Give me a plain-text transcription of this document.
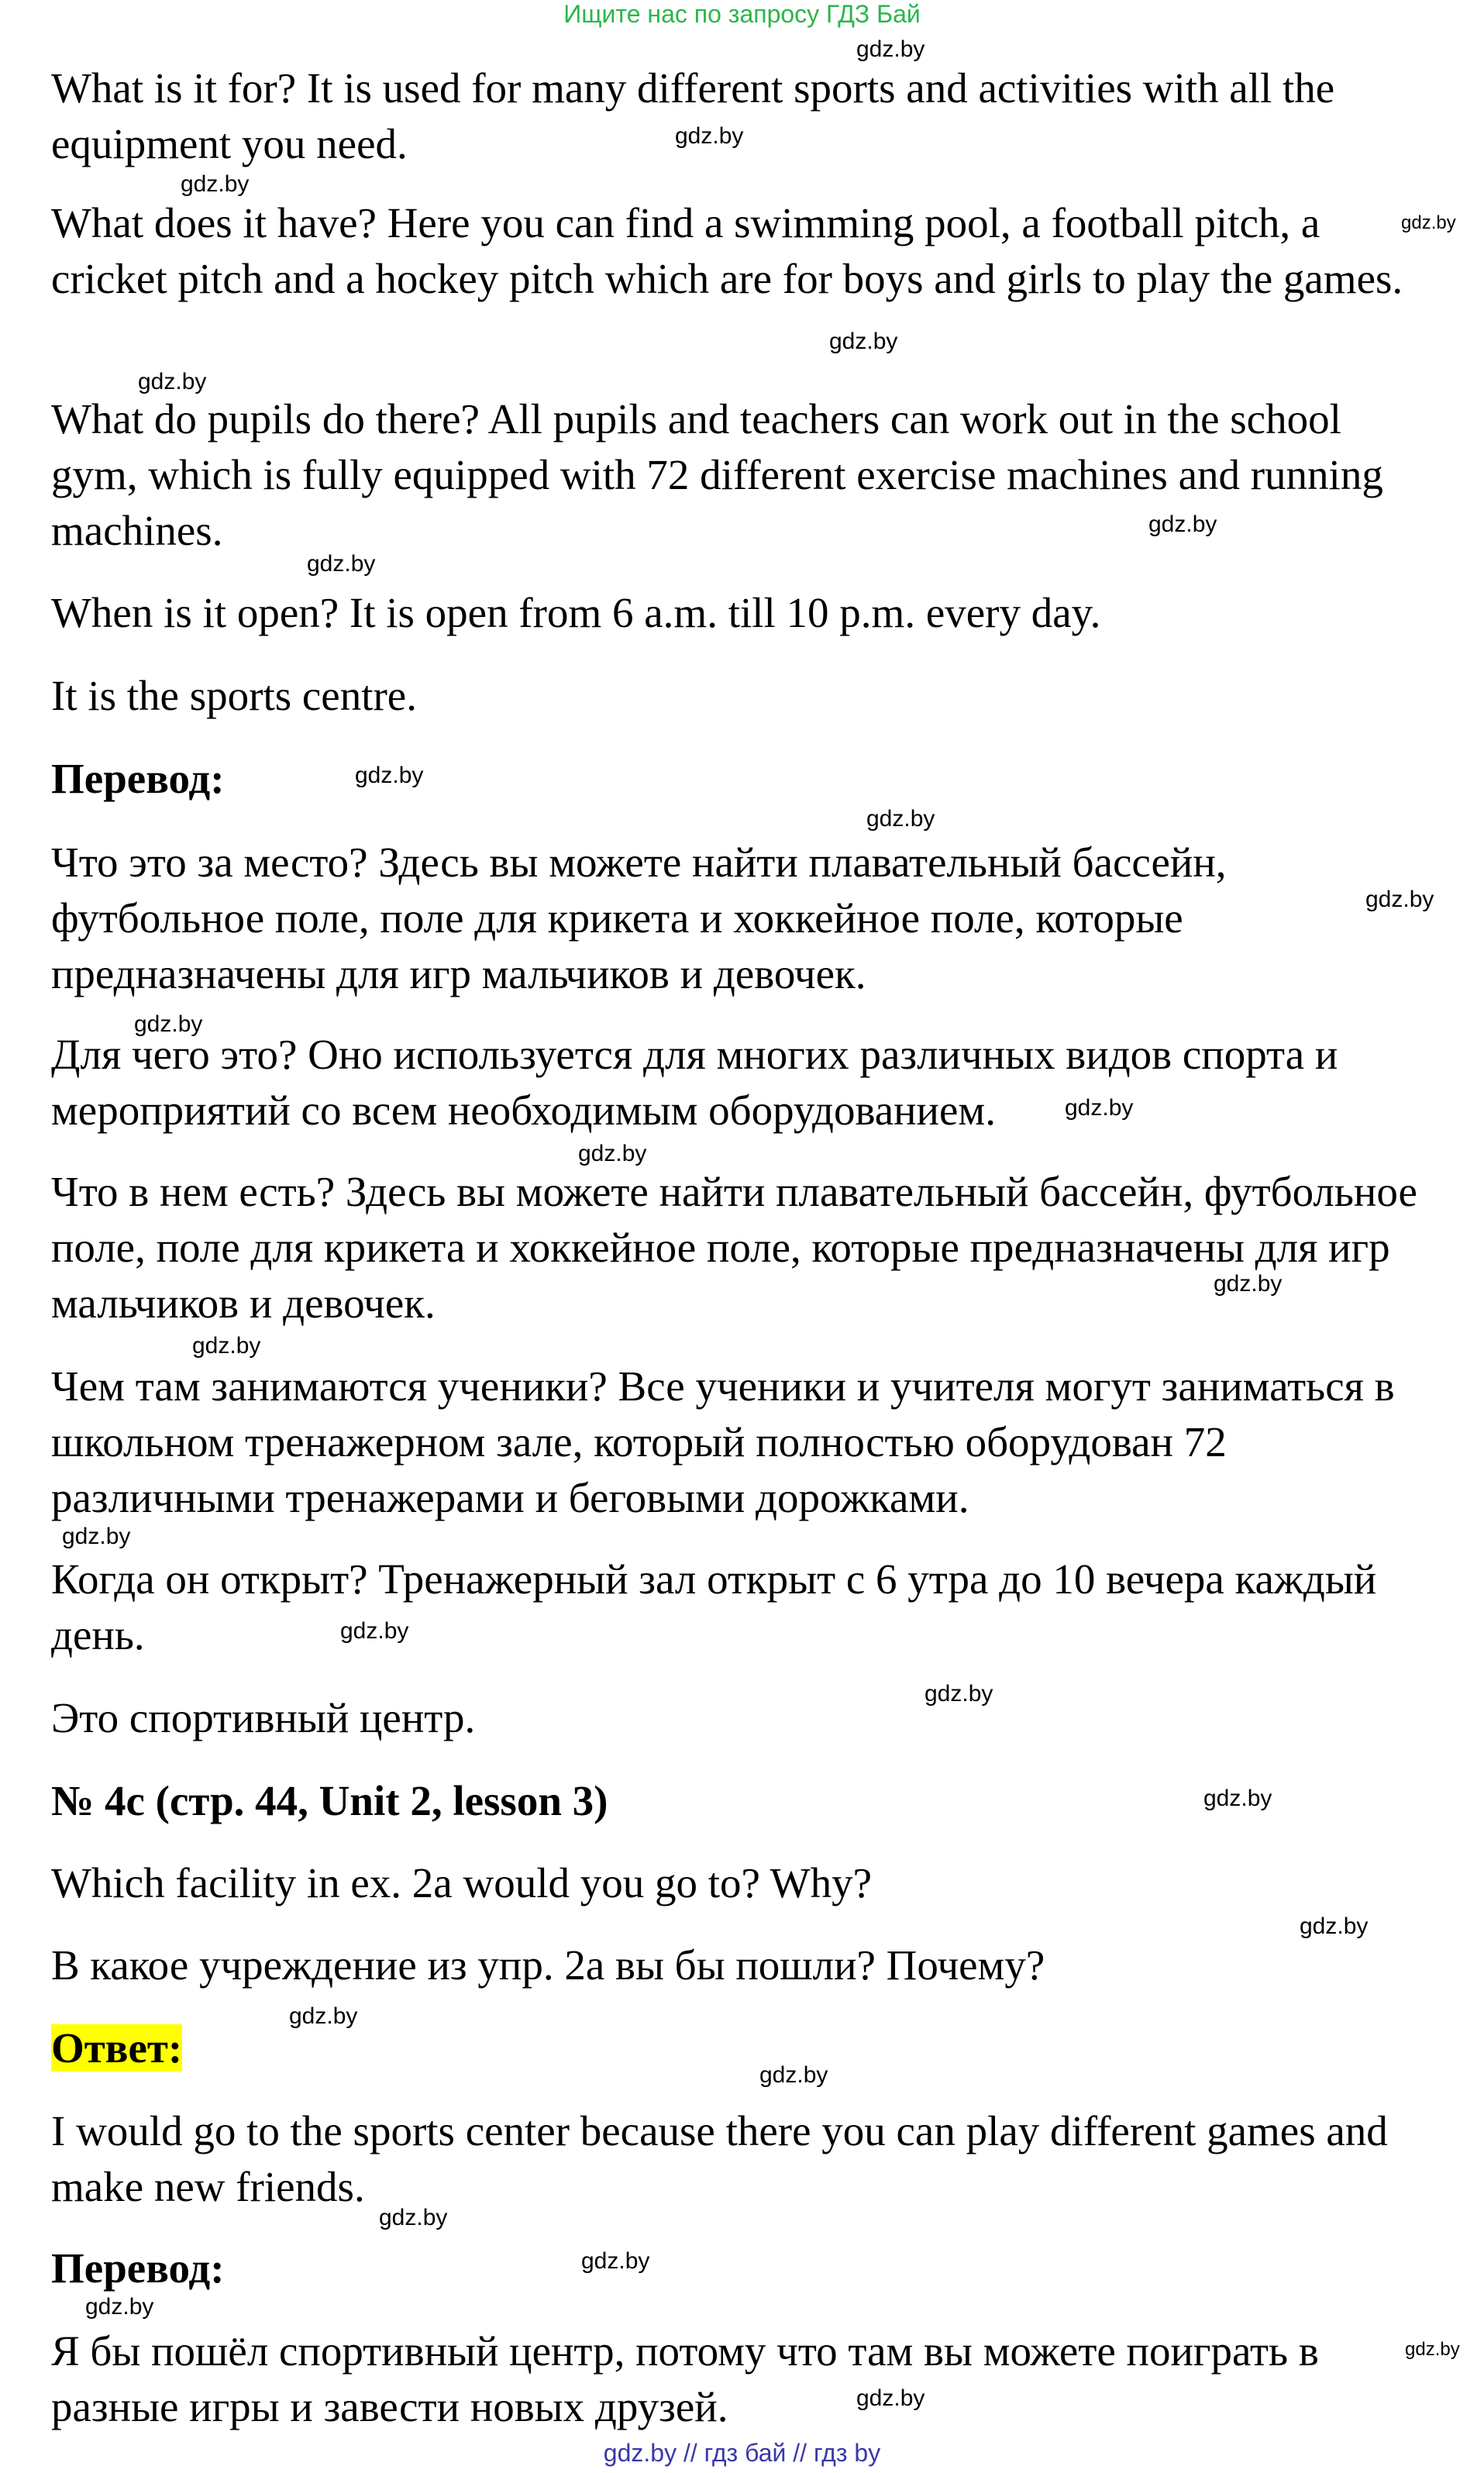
Ищите нас по запросу ГДЗ Бай

What is it for? It is used for many different sports and activities with all the equipment you need.

What does it have? Here you can find a swimming pool, a football pitch, a cricket pitch and a hockey pitch which are for boys and girls to play the games.

What do pupils do there? All pupils and teachers can work out in the school gym, which is fully equipped with 72 different exercise machines and running machines.

When is it open? It is open from 6 a.m. till 10 p.m. every day.

It is the sports centre.

Перевод:

Что это за место? Здесь вы можете найти плавательный бассейн, футбольное поле, поле для крикета и хоккейное поле, которые предназначены для игр мальчиков и девочек.

Для чего это? Оно используется для многих различных видов спорта и мероприятий со всем необходимым оборудованием.

Что в нем есть? Здесь вы можете найти плавательный бассейн, футбольное поле, поле для крикета и хоккейное поле, которые предназначены для игр мальчиков и девочек.

Чем там занимаются ученики? Все ученики и учителя могут заниматься в школьном тренажерном зале, который полностью оборудован 72 различными тренажерами и беговыми дорожками.

Когда он открыт? Тренажерный зал открыт с 6 утра до 10 вечера каждый день.

Это спортивный центр.

№ 4c (стр. 44, Unit 2, lesson 3)

Which facility in ex. 2a would you go to? Why?

В какое учреждение из упр. 2а вы бы пошли? Почему?

Ответ:

I would go to the sports center because there you can play different games and make new friends.

Перевод:

Я бы пошёл спортивный центр, потому что там вы можете поиграть в разные игры и завести новых друзей.

gdz.by
gdz.by
gdz.by
gdz.by
gdz.by
gdz.by
gdz.by
gdz.by
gdz.by
gdz.by
gdz.by
gdz.by
gdz.by
gdz.by
gdz.by
gdz.by
gdz.by
gdz.by
gdz.by
gdz.by
gdz.by
gdz.by
gdz.by
gdz.by
gdz.by
gdz.by
gdz.by
gdz.by
gdz.by // гдз бай // гдз by
